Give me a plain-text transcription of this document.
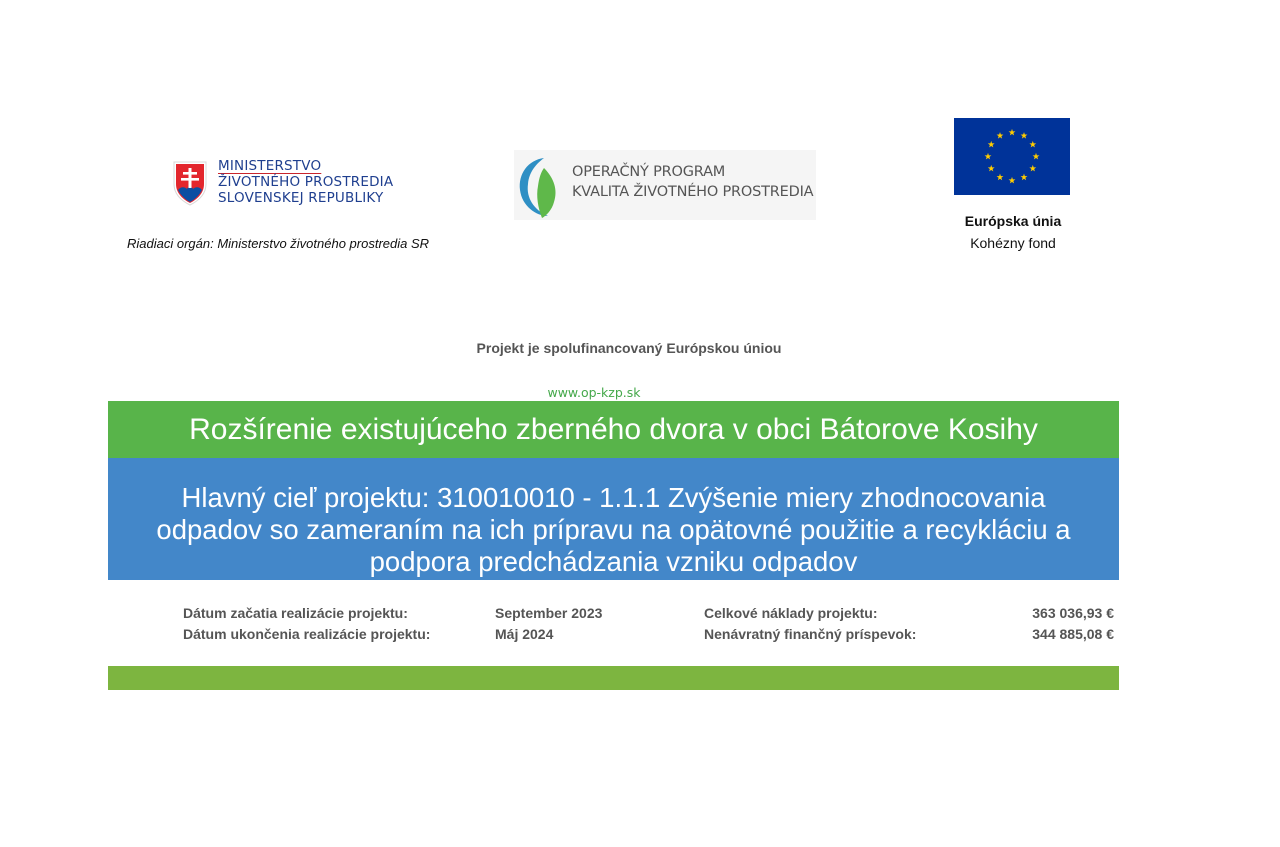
MINISTERSTVO
ŽIVOTNÉHO PROSTREDIA
SLOVENSKEJ REPUBLIKY
Riadiaci orgán: Ministerstvo životného prostredia SR
OPERAČNÝ PROGRAM
KVALITA ŽIVOTNÉHO PROSTREDIA
Európska únia
Kohézny fond
Projekt je spolufinancovaný Európskou úniou
www.op-kzp.sk
Rozšírenie existujúceho zberného dvora v obci Bátorove Kosihy
Hlavný cieľ projektu: 310010010 - 1.1.1 Zvýšenie miery zhodnocovania
odpadov so zameraním na ich prípravu na opätovné použitie a recykláciu a
podpora predchádzania vzniku odpadov
Dátum začatia realizácie projektu:	September 2023	Celkové náklady projektu:	363 036,93 €
Dátum ukončenia realizácie projektu:	Máj 2024	Nenávratný finančný príspevok:	344 885,08 €
